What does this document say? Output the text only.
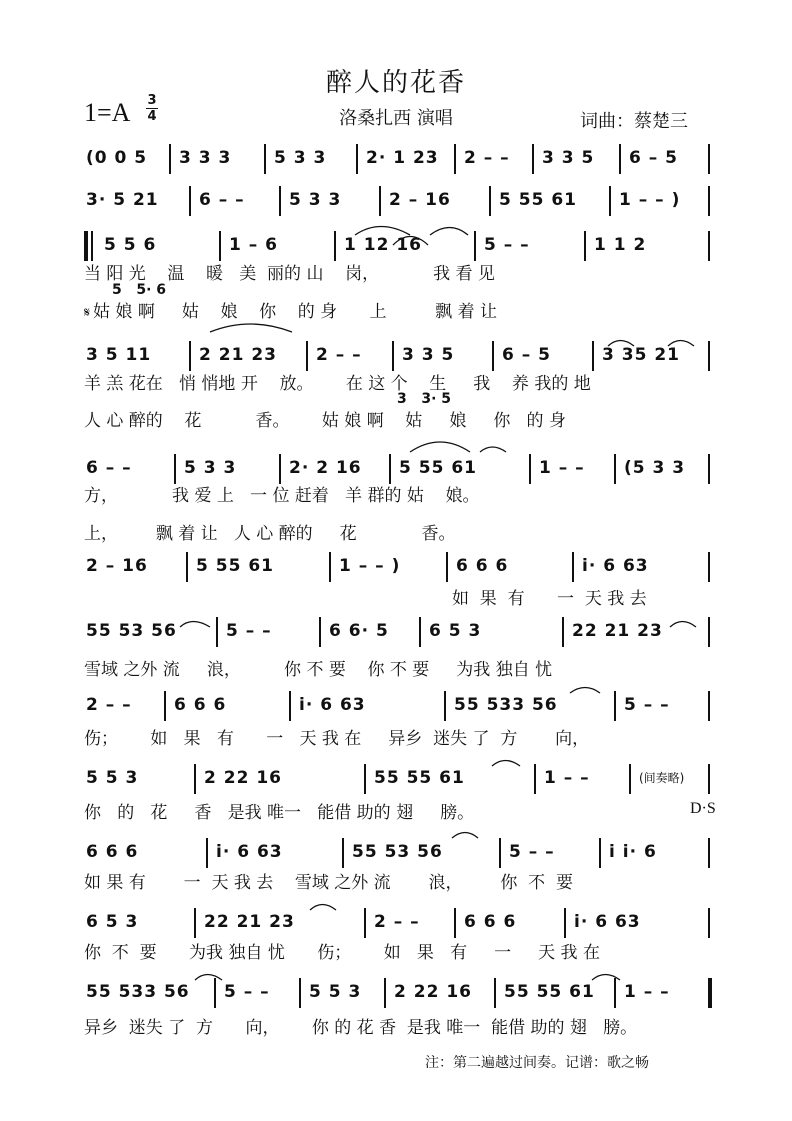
醉人的花香
1=A 3
4	洛桑扎西 演唱	词曲：蔡楚三
(0 0 5 3 3 3	5 3 3 2· 1 23 2 – – 3 3 5 6 – 5
3· 5 21 6 – –	5 3 3	2 – 16	5 55 61 1 – – )
5 5 6	1 – 6	1 12 16	5 – –	1 1 2
3 5 11	2 21 23 2 – – 3 3 5	6 – 5	3 35 21
6 – –	5 3 3	2· 2 16 5 55 61	1 – – (5 3 3
2 – 16	5 55 61	1 – – )	6 6 6	i· 6 63
55 53 56	5 – –	6 6· 5 6 5 3	22 21 23
2 – – 6 6 6	i· 6 63	55 533 56	5 – –
5 5 3	2 22 16	55 55 61	1 – –	(间奏略)
6 6 6	i· 6 63	55 53 56	5 – –	i i· 6
6 5 3	22 21 23	2 – –	6 6 6	i· 6 63
55 533 56 5 – – 5 5 3 2 22 16 55 55 61 1 – –
当 阳 光    温    暖   美  丽的 山    岗，          我 看 见
𝄋 姑 娘 啊     姑    娘    你    的 身      上         飘 着 让
5   5· 6
羊 羔 花在   悄 悄地 开    放。      在 这 个    生     我    养 我的 地
人 心 醉的    花          香。      姑 娘 啊    姑     娘     你   的 身
3   3· 5
方，          我 爱 上   一 位 赶着   羊 群的 姑    娘。
上，       飘 着 让   人 心 醉的     花            香。
如  果  有      一  天 我 去
雪域 之外 流     浪，        你 不 要    你 不 要     为我 独自 忧
伤；      如   果   有      一   天 我 在     异乡  迷失 了  方       向，
你   的   花     香   是我 唯一   能借 助的 翅     膀。	D·S
如 果 有       一  天 我 去    雪域 之外 流       浪，       你  不  要
你  不  要      为我 独自 忧      伤；      如   果   有     一     天 我 在
异乡  迷失 了  方      向，      你 的 花 香  是我 唯一  能借 助的 翅   膀。
注：第二遍越过间奏。记谱：歌之畅
